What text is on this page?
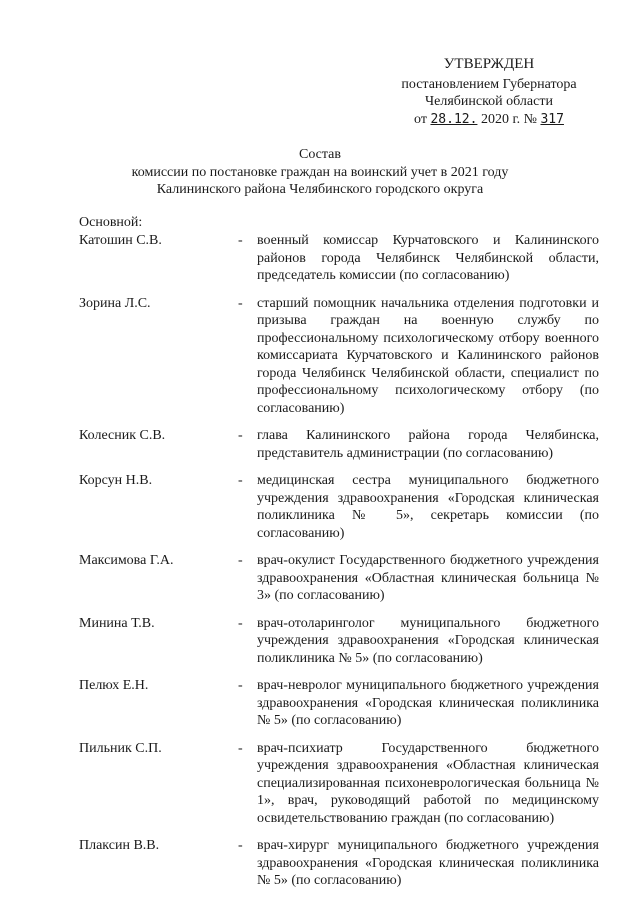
УТВЕРЖДЕН
постановлением Губернатора
Челябинской области
от 28.12. 2020 г. № 317

Состав

комиссии по постановке граждан на воинский учет в 2021 году

Калининского района Челябинского городского округа

Основной:
Катошин С.В.	- военный комиссар Курчатовского и Калининского районов города Челябинск Челябинской области, председатель комиссии (по согласованию)
Зорина Л.С.	- старший помощник начальника отделения подготовки и призыва граждан на военную службу по профессиональному психологическому отбору военного комиссариата Курчатовского и Калининского районов города Челябинск Челябинской области, специалист по профессиональному психологическому отбору (по согласованию)
Колесник С.В.	- глава Калининского района города Челябинска, представитель администрации (по согласованию)
Корсун Н.В.	- медицинская сестра муниципального бюджетного учреждения здравоохранения «Городская клиническая поликлиника № 5», секретарь комиссии (по согласованию)
Максимова Г.А.	- врач-окулист Государственного бюджетного учреждения здравоохранения «Областная клиническая больница № 3» (по согласованию)
Минина Т.В.	- врач-отоларинголог муниципального бюджетного учреждения здравоохранения «Городская клиническая поликлиника № 5» (по согласованию)
Пелюх Е.Н.	- врач-невролог муниципального бюджетного учреждения здравоохранения «Городская клиническая поликлиника № 5» (по согласованию)
Пильник С.П.	- врач-психиатр Государственного бюджетного учреждения здравоохранения «Областная клиническая специализированная психоневрологическая больница № 1», врач, руководящий работой по медицинскому освидетельствованию граждан (по согласованию)
Плаксин В.В.	- врач-хирург муниципального бюджетного учреждения здравоохранения «Городская клиническая поликлиника № 5» (по согласованию)
